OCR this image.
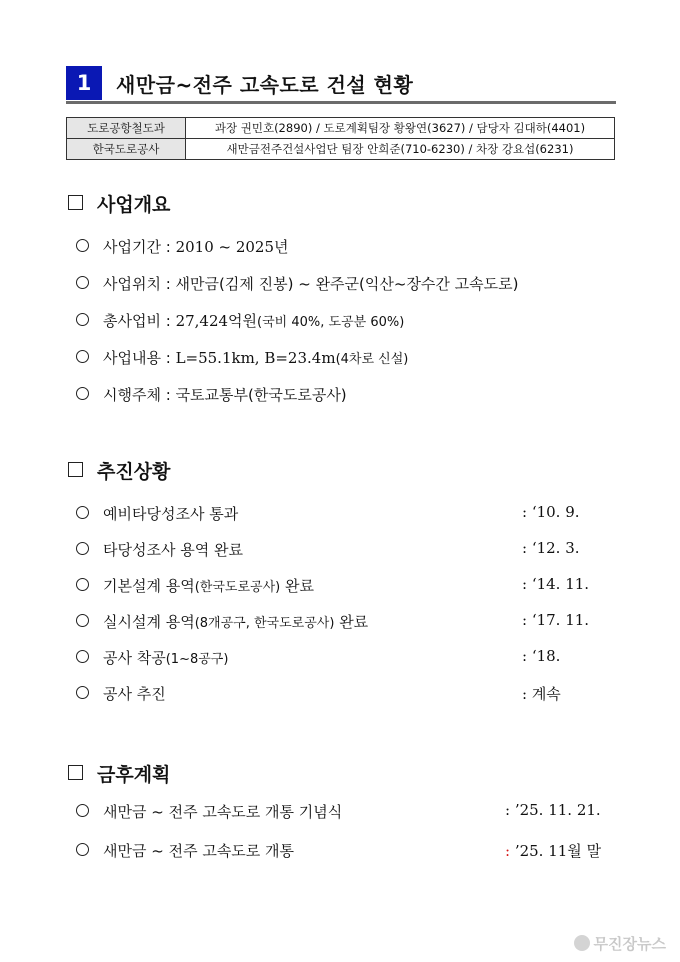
1	새만금~전주 고속도로 건설 현황
도로공항철도과	과장 권민호(2890) / 도로계획팀장 황왕연(3627) / 담당자 김대하(4401)
한국도로공사	새만금전주건설사업단 팀장 안희준(710-6230) / 차장 강요섭(6231)
사업개요
사업기간 : 2010 ~ 2025년
사업위치 : 새만금(김제 진봉) ~ 완주군(익산~장수간 고속도로)
총사업비 : 27,424억원(국비 40%, 도공분 60%)
사업내용 : L=55.1km, B=23.4m(4차로 신설)
시행주체 : 국토교통부(한국도로공사)
추진상황
예비타당성조사 통과	: ‘10. 9.
타당성조사 용역 완료	: ‘12. 3.
기본설계 용역(한국도로공사) 완료	: ‘14. 11.
실시설계 용역(8개공구, 한국도로공사) 완료	: ‘17. 11.
공사 착공(1~8공구)	: ‘18.
공사 추진	: 계속
금후계획
새만금 ~ 전주 고속도로 개통 기념식	: ’25. 11. 21.
새만금 ~ 전주 고속도로 개통	: ’25. 11월 말
무진장뉴스
